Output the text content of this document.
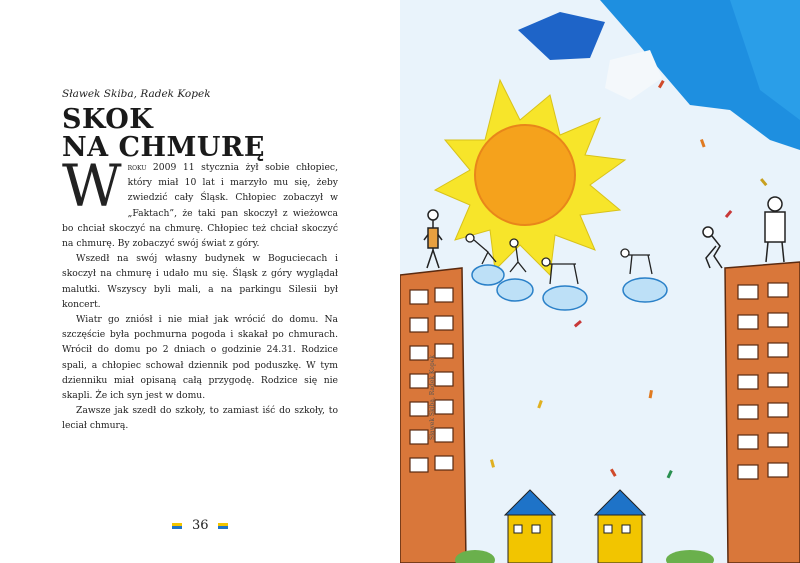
Sławek Skiba, Radek Kopek
SKOK
NA CHMURĘ

Wroku 2009 11 stycznia żył sobie chłopiec, który miał 10 lat i marzyło mu się, żeby zwiedzić cały Śląsk. Chłopiec zobaczył w „Faktach”, że taki pan skoczył z wieżowca bo chciał skoczyć na chmurę. Chłopiec też chciał skoczyć na chmurę. By zobaczyć swój świat z góry.

Wszedł na swój własny budynek w Boguciecach i skoczył na chmurę i udało mu się. Śląsk z góry wyglądał malutki. Wszyscy byli mali, a na parkingu Silesii był koncert.

Wiatr go zniósł i nie miał jak wrócić do domu. Na szczęście była pochmurna pogoda i skakał po chmurach. Wrócił do domu po 2 dniach o godzinie 24.31. Rodzice spali, a chłopiec schował dziennik pod poduszkę. W tym dzienniku miał opisaną całą przygodę. Rodzice się nie skapli. Że ich syn jest w domu.

Zawsze jak szedł do szkoły, to zamiast iść do szkoły, to leciał chmurą.

36
Sławek Skiba, Radek Kopek
